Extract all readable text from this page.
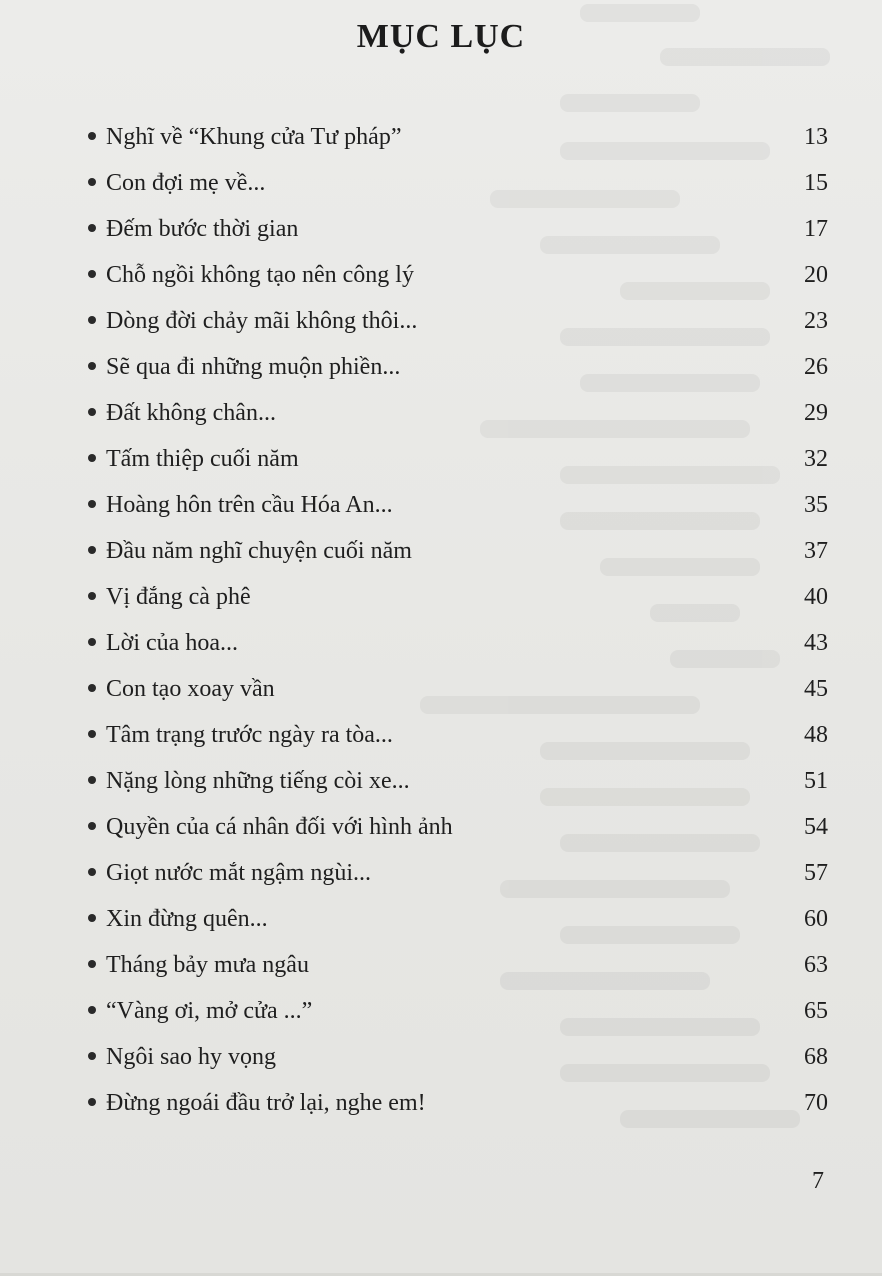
MỤC LỤC
Nghĩ về “Khung cửa Tư pháp”	13
Con đợi mẹ về...	15
Đếm bước thời gian	17
Chỗ ngồi không tạo nên công lý	20
Dòng đời chảy mãi không thôi...	23
Sẽ qua đi những muộn phiền...	26
Đất không chân...	29
Tấm thiệp cuối năm	32
Hoàng hôn trên cầu Hóa An...	35
Đầu năm nghĩ chuyện cuối năm	37
Vị đắng cà phê	40
Lời của hoa...	43
Con tạo xoay vần	45
Tâm trạng trước ngày ra tòa...	48
Nặng lòng những tiếng còi xe...	51
Quyền của cá nhân đối với hình ảnh	54
Giọt nước mắt ngậm ngùi...	57
Xin đừng quên...	60
Tháng bảy mưa ngâu	63
“Vàng ơi, mở cửa ...”	65
Ngôi sao hy vọng	68
Đừng ngoái đầu trở lại, nghe em!	70
7
